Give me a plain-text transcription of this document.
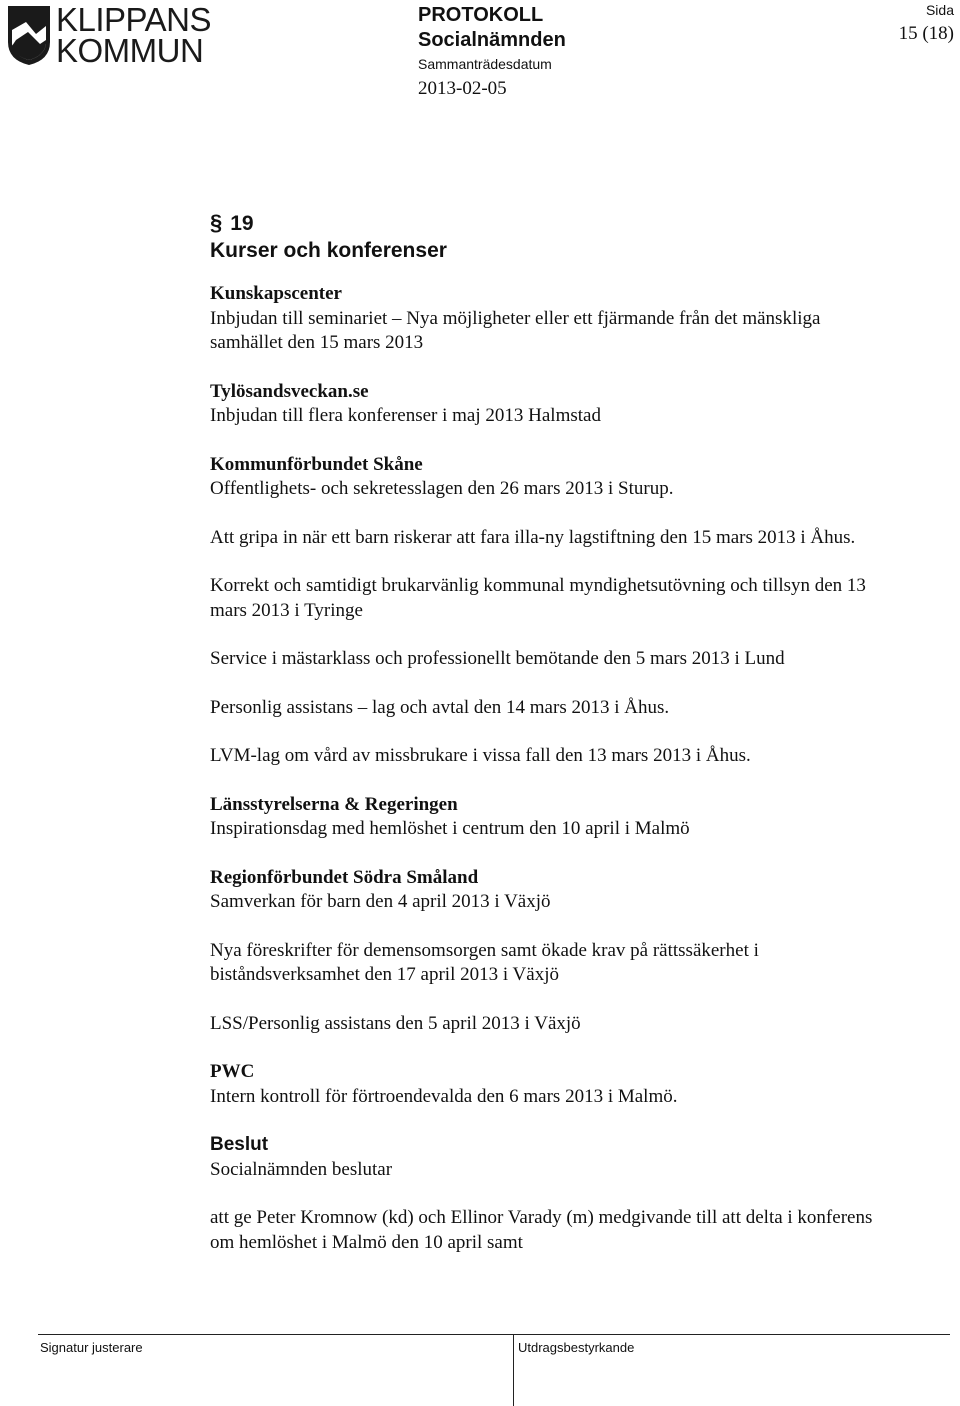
KLIPPANS
KOMMUN
PROTOKOLL
Socialnämnden
Sammanträdesdatum
2013-02-05
Sida
15 (18)
§ 19
Kurser och konferenser

Kunskapscenter

Inbjudan till seminariet – Nya möjligheter eller ett fjärmande från det mänskliga

samhället den 15 mars 2013

Tylösandsveckan.se

Inbjudan till flera konferenser i maj 2013 Halmstad

Kommunförbundet Skåne

Offentlighets- och sekretesslagen den 26 mars 2013 i Sturup.

Att gripa in när ett barn riskerar att fara illa-ny lagstiftning den 15 mars 2013 i Åhus.

Korrekt och samtidigt brukarvänlig kommunal myndighetsutövning och tillsyn den 13

mars 2013 i Tyringe

Service i mästarklass och professionellt bemötande den 5 mars 2013 i Lund

Personlig assistans – lag och avtal den 14 mars 2013 i Åhus.

LVM-lag om vård av missbrukare i vissa fall den 13 mars 2013 i Åhus.

Länsstyrelserna & Regeringen

Inspirationsdag med hemlöshet i centrum den 10 april i Malmö

Regionförbundet Södra Småland

Samverkan för barn den 4 april 2013 i Växjö

Nya föreskrifter för demensomsorgen samt ökade krav på rättssäkerhet i

biståndsverksamhet den 17 april 2013 i Växjö

LSS/Personlig assistans den 5 april 2013 i Växjö

PWC

Intern kontroll för förtroendevalda den 6 mars 2013 i Malmö.

Beslut

Socialnämnden beslutar

att ge Peter Kromnow (kd) och Ellinor Varady (m) medgivande till att delta i konferens

om hemlöshet i Malmö den 10 april samt

Signatur justerare	Utdragsbestyrkande
